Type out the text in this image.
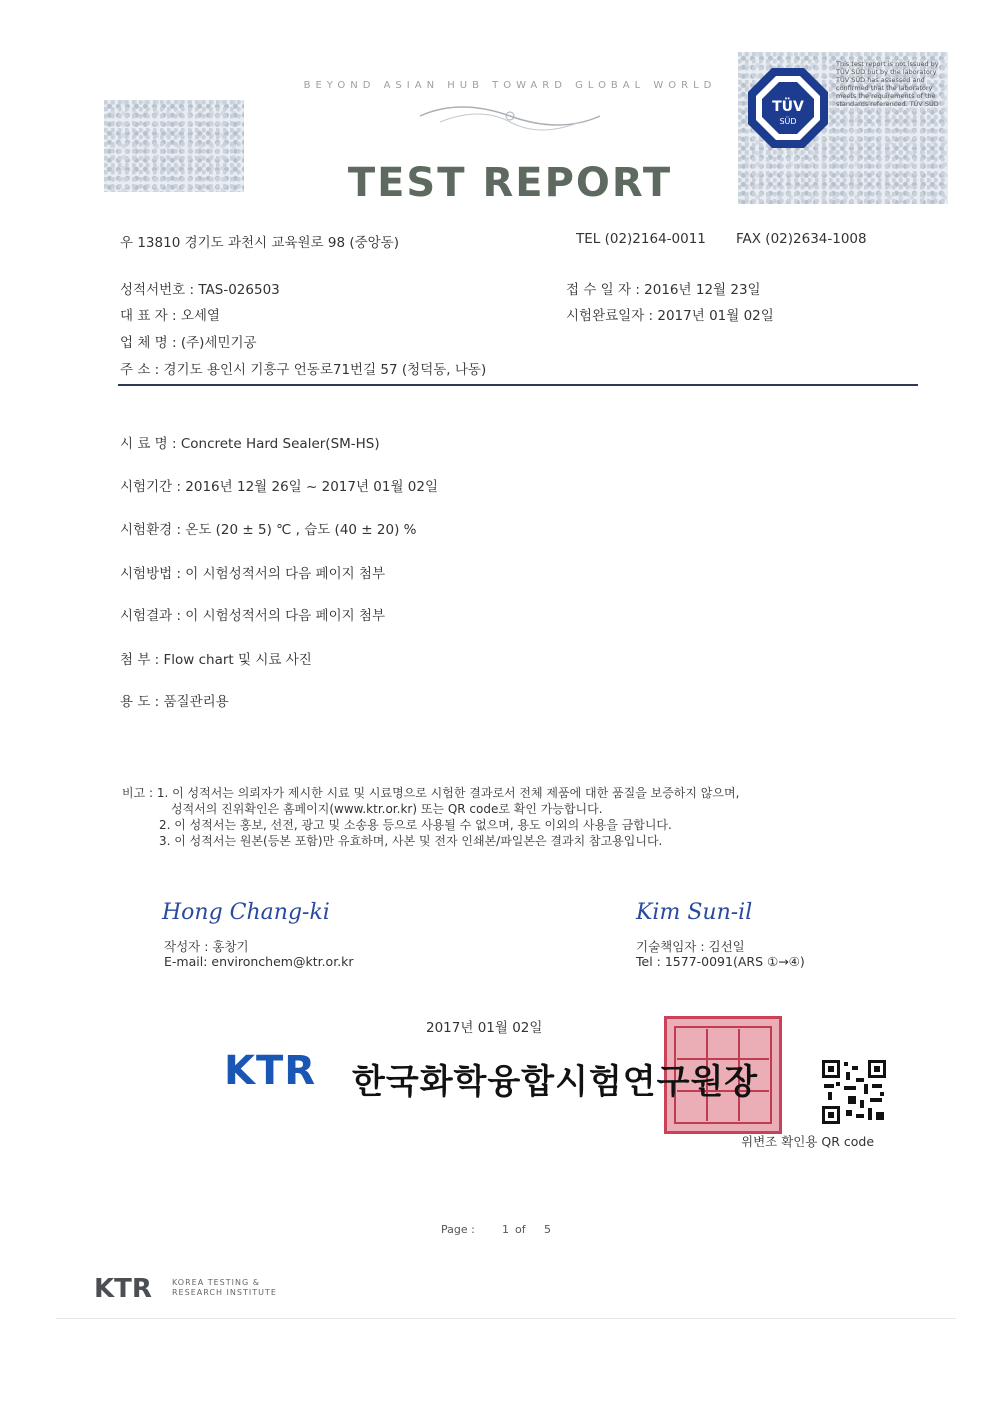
BEYOND ASIAN HUB TOWARD GLOBAL WORLD
TEST REPORT
TÜV
SÜD
This test report is not issued by TÜV SÜD but by the laboratory TÜV SÜD has assessed and confirmed that the laboratory meets the requirements of the standards referenced. TÜV SÜD
우 13810 경기도 과천시 교육원로 98 (중앙동)	TEL (02)2164-0011 FAX (02)2634-1008
성적서번호 : TAS-026503
대 표 자 : 오세열
업 체 명 : (주)세민기공
주 소 : 경기도 용인시 기흥구 언동로71번길 57 (청덕동, 나동)
접 수 일 자 : 2016년 12월 23일
시험완료일자 : 2017년 01월 02일
시 료 명 : Concrete Hard Sealer(SM-HS)
시험기간 : 2016년 12월 26일 ~ 2017년 01월 02일
시험환경 : 온도 (20 ± 5) ℃ , 습도 (40 ± 20) %
시험방법 : 이 시험성적서의 다음 페이지 첨부
시험결과 : 이 시험성적서의 다음 페이지 첨부
첨 부 : Flow chart 및 시료 사진
용 도 : 품질관리용
비고 : 1. 이 성적서는 의뢰자가 제시한 시료 및 시료명으로 시험한 결과로서 전체 제품에 대한 품질을 보증하지 않으며,
성적서의 진위확인은 홈페이지(www.ktr.or.kr) 또는 QR code로 확인 가능합니다.
2. 이 성적서는 홍보, 선전, 광고 및 소송용 등으로 사용될 수 없으며, 용도 이외의 사용을 금합니다.
3. 이 성적서는 원본(등본 포함)만 유효하며, 사본 및 전자 인쇄본/파일본은 결과치 참고용입니다.
Hong Chang-ki
작성자 : 홍창기
E-mail: environchem@ktr.or.kr
Kim Sun-il
기술책임자 : 김선일
Tel : 1577-0091(ARS ①→④)
2017년 01월 02일
KTR 한국화학융합시험연구원장
위변조 확인용 QR code
Page : 1 of 5
KTR	KOREA TESTING &
RESEARCH INSTITUTE
